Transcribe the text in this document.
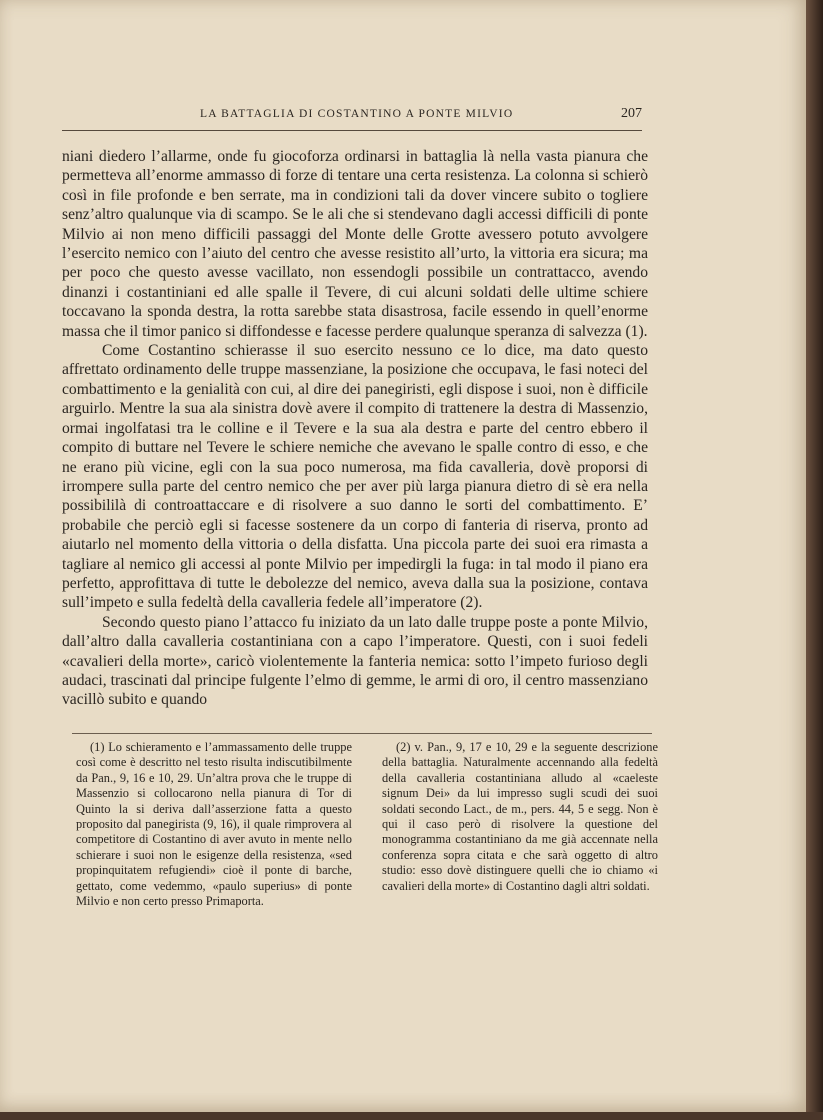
LA BATTAGLIA DI COSTANTINO A PONTE MILVIO	207

niani diedero l’allarme, onde fu giocoforza ordinarsi in battaglia là nella vasta pianura che permetteva all’enorme ammasso di forze di tentare una certa resistenza. La colonna si schierò così in file profonde e ben serrate, ma in condizioni tali da dover vincere subito o togliere senz’altro qualunque via di scampo. Se le ali che si stendevano dagli accessi difficili di ponte Milvio ai non meno difficili passaggi del Monte delle Grotte avessero potuto avvolgere l’esercito nemico con l’aiuto del centro che avesse resistito all’urto, la vittoria era sicura; ma per poco che questo avesse vacillato, non essendogli possibile un contrattacco, avendo dinanzi i costantiniani ed alle spalle il Tevere, di cui alcuni soldati delle ultime schiere toccavano la sponda destra, la rotta sarebbe stata disastrosa, facile essendo in quell’enorme massa che il timor panico si diffondesse e facesse perdere qualunque speranza di salvezza (1).

Come Costantino schierasse il suo esercito nessuno ce lo dice, ma dato questo affrettato ordinamento delle truppe massenziane, la posizione che occupava, le fasi noteci del combattimento e la genialità con cui, al dire dei panegiristi, egli dispose i suoi, non è difficile arguirlo. Mentre la sua ala sinistra dovè avere il compito di trattenere la destra di Massenzio, ormai ingolfatasi tra le colline e il Tevere e la sua ala destra e parte del centro ebbero il compito di buttare nel Tevere le schiere nemiche che avevano le spalle contro di esso, e che ne erano più vicine, egli con la sua poco numerosa, ma fida cavalleria, dovè proporsi di irrompere sulla parte del centro nemico che per aver più larga pianura dietro di sè era nella possibililà di controattaccare e di risolvere a suo danno le sorti del combattimento. E’ probabile che perciò egli si facesse sostenere da un corpo di fanteria di riserva, pronto ad aiutarlo nel momento della vittoria o della disfatta. Una piccola parte dei suoi era rimasta a tagliare al nemico gli accessi al ponte Milvio per impedirgli la fuga: in tal modo il piano era perfetto, approfittava di tutte le debolezze del nemico, aveva dalla sua la posizione, contava sull’impeto e sulla fedeltà della cavalleria fedele all’imperatore (2).

Secondo questo piano l’attacco fu iniziato da un lato dalle truppe poste a ponte Milvio, dall’altro dalla cavalleria costantiniana con a capo l’imperatore. Questi, con i suoi fedeli «cavalieri della morte», caricò violentemente la fanteria nemica: sotto l’impeto furioso degli audaci, trascinati dal principe fulgente l’elmo di gemme, le armi di oro, il centro massenziano vacillò subito e quando

(1) Lo schieramento e l’ammassamento delle truppe così come è descritto nel testo risulta indiscutibilmente da Pan., 9, 16 e 10, 29. Un’altra prova che le truppe di Massenzio si collocarono nella pianura di Tor di Quinto la si deriva dall’asserzione fatta a questo proposito dal panegirista (9, 16), il quale rimprovera al competitore di Costantino di aver avuto in mente nello schierare i suoi non le esigenze della resistenza, «sed propinquitatem refugiendi» cioè il ponte di barche, gettato, come vedemmo, «paulo superius» di ponte Milvio e non certo presso Primaporta.

(2) v. Pan., 9, 17 e 10, 29 e la seguente descrizione della battaglia. Naturalmente accennando alla fedeltà della cavalleria costantiniana alludo al «caeleste signum Dei» da lui impresso sugli scudi dei suoi soldati secondo Lact., de m., pers. 44, 5 e segg. Non è qui il caso però di risolvere la questione del monogramma costantiniano da me già accennate nella conferenza sopra citata e che sarà oggetto di altro studio: esso dovè distinguere quelli che io chiamo «i cavalieri della morte» di Costantino dagli altri soldati.
